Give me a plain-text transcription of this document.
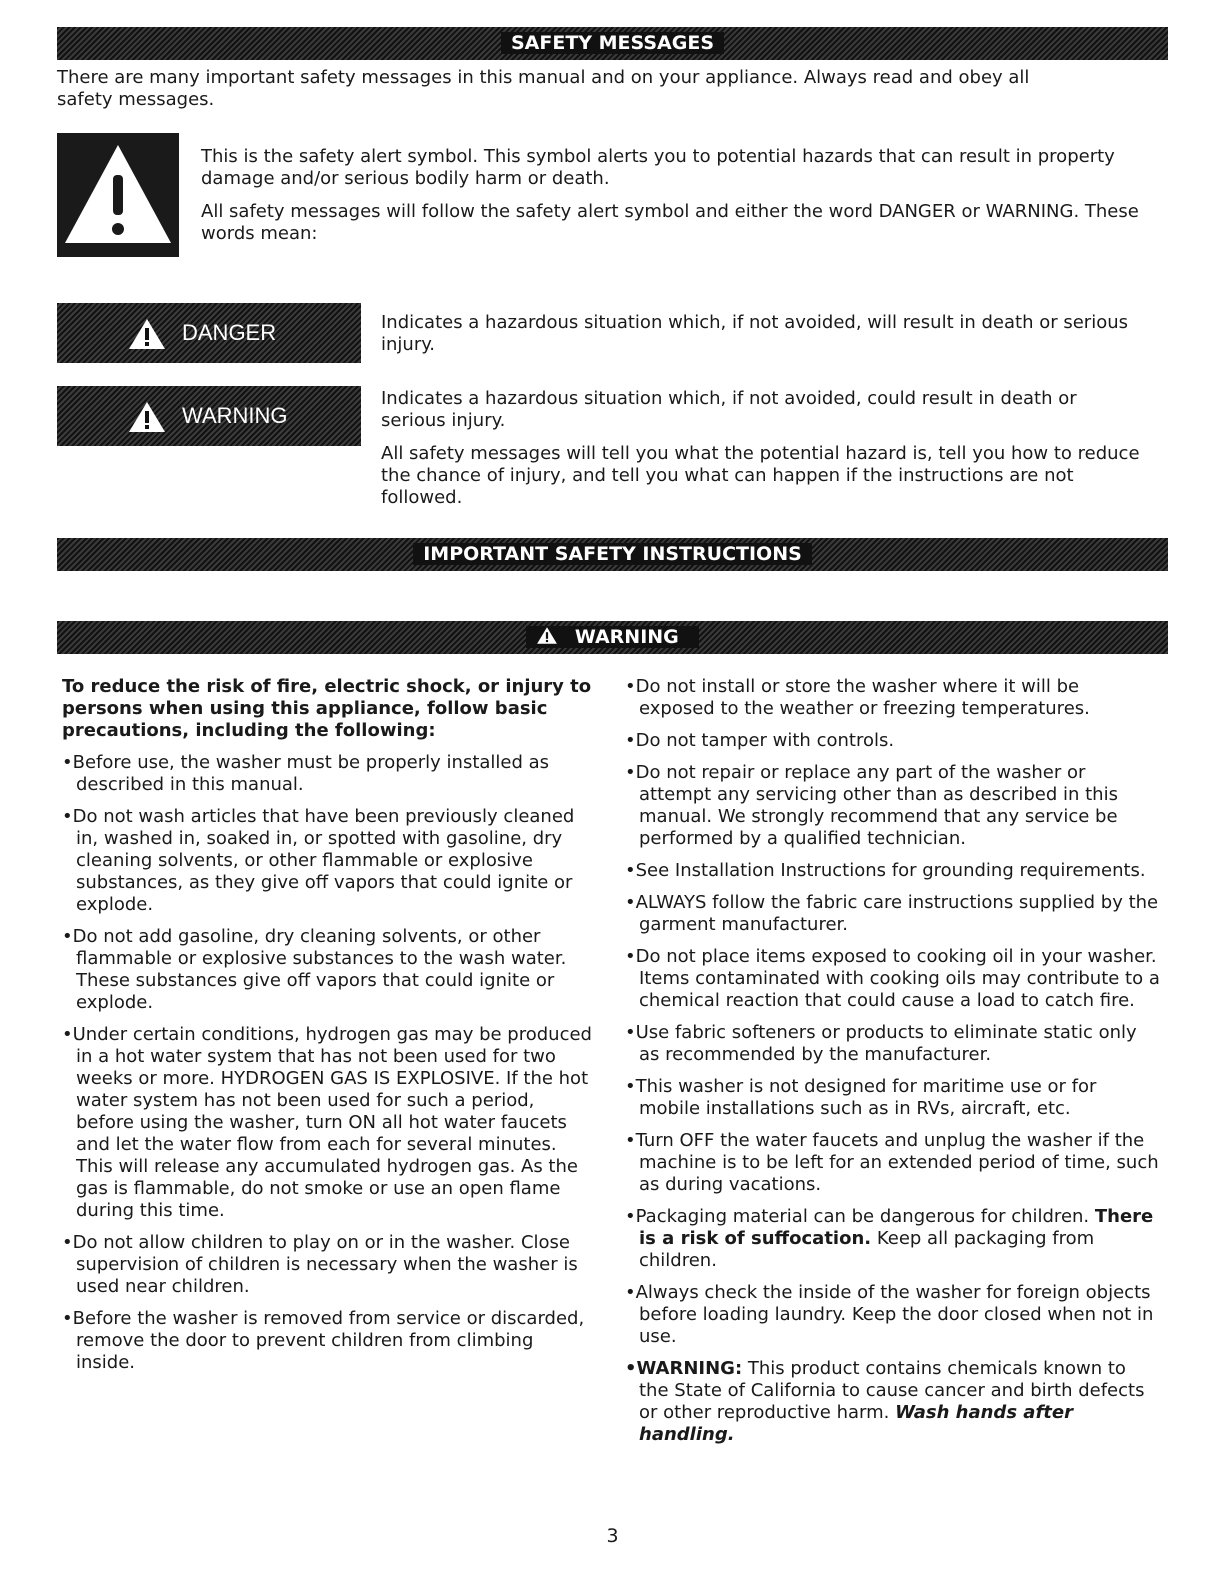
SAFETY MESSAGES

There are many important safety messages in this manual and on your appliance. Always read and obey all safety messages.

This is the safety alert symbol. This symbol alerts you to potential hazards that can result in property damage and/or serious bodily harm or death.

All safety messages will follow the safety alert symbol and either the word DANGER or WARNING. These words mean:

DANGER	Indicates a hazardous situation which, if not avoided, will result in death or serious injury.

WARNING

Indicates a hazardous situation which, if not avoided, could result in death or serious injury.

All safety messages will tell you what the potential hazard is, tell you how to reduce the chance of injury, and tell you what can happen if the instructions are not followed.

IMPORTANT SAFETY INSTRUCTIONS
WARNING

To reduce the risk of fire, electric shock, or injury to persons when using this appliance, follow basic precautions, including the following:

•Before use, the washer must be properly installed as described in this manual.

•Do not wash articles that have been previously cleaned in, washed in, soaked in, or spotted with gasoline, dry cleaning solvents, or other flammable or explosive substances, as they give off vapors that could ignite or explode.

•Do not add gasoline, dry cleaning solvents, or other flammable or explosive substances to the wash water. These substances give off vapors that could ignite or explode.

•Under certain conditions, hydrogen gas may be produced in a hot water system that has not been used for two weeks or more. HYDROGEN GAS IS EXPLOSIVE. If the hot water system has not been used for such a period, before using the washer, turn ON all hot water faucets and let the water flow from each for several minutes. This will release any accumulated hydrogen gas. As the gas is flammable, do not smoke or use an open flame during this time.

•Do not allow children to play on or in the washer. Close supervision of children is necessary when the washer is used near children.

•Before the washer is removed from service or discarded, remove the door to prevent children from climbing inside.

•Do not install or store the washer where it will be exposed to the weather or freezing temperatures.

•Do not tamper with controls.

•Do not repair or replace any part of the washer or attempt any servicing other than as described in this manual. We strongly recommend that any service be performed by a qualified technician.

•See Installation Instructions for grounding requirements.

•ALWAYS follow the fabric care instructions supplied by the garment manufacturer.

•Do not place items exposed to cooking oil in your washer. Items contaminated with cooking oils may contribute to a chemical reaction that could cause a load to catch fire.

•Use fabric softeners or products to eliminate static only as recommended by the manufacturer.

•This washer is not designed for maritime use or for mobile installations such as in RVs, aircraft, etc.

•Turn OFF the water faucets and unplug the washer if the machine is to be left for an extended period of time, such as during vacations.

•Packaging material can be dangerous for children. There is a risk of suffocation. Keep all packaging from children.

•Always check the inside of the washer for foreign objects before loading laundry. Keep the door closed when not in use.

•WARNING: This product contains chemicals known to the State of California to cause cancer and birth defects or other reproductive harm. Wash hands after handling.

3
